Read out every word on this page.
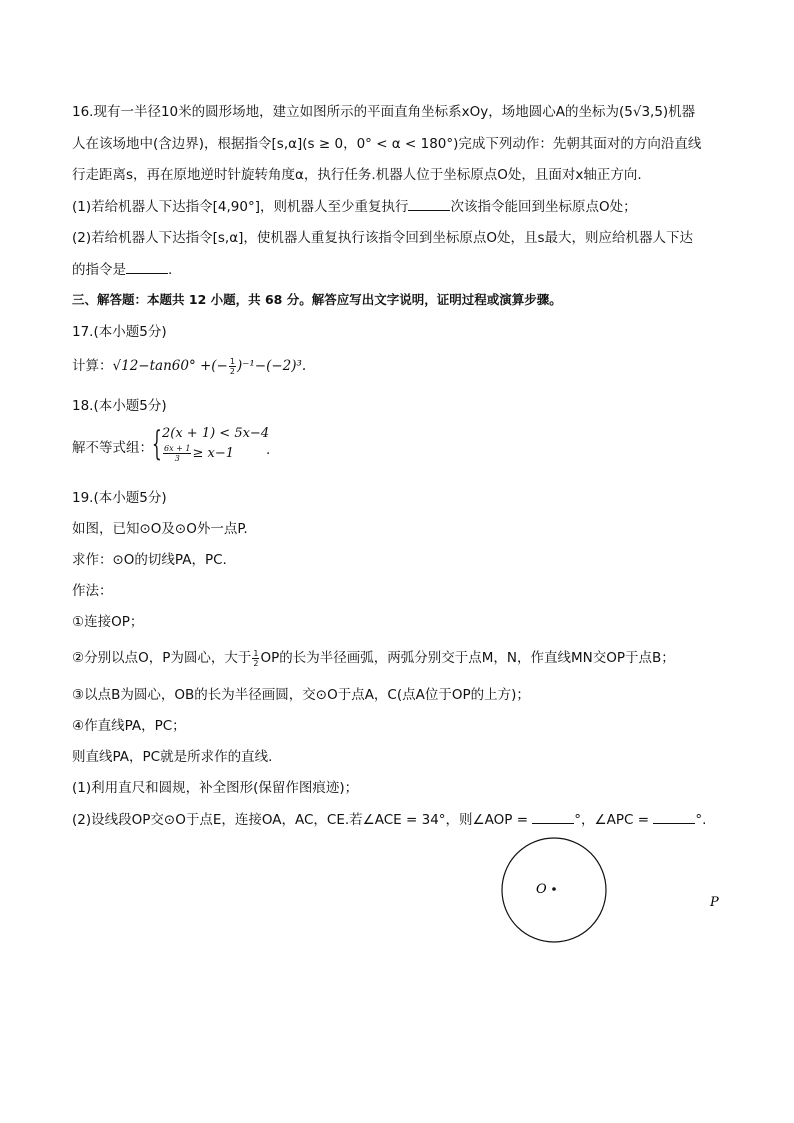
16.现有一半径10米的圆形场地，建立如图所示的平面直角坐标系xOy，场地圆心A的坐标为(5√3,5)机器
人在该场地中(含边界)，根据指令[s,α](s ≥ 0，0° < α < 180°)完成下列动作：先朝其面对的方向沿直线
行走距离s，再在原地逆时针旋转角度α，执行任务.机器人位于坐标原点O处，且面对x轴正方向.
(1)若给机器人下达指令[4,90°]，则机器人至少重复执行	次该指令能回到坐标原点O处；
(2)若给机器人下达指令[s,α]，使机器人重复执行该指令回到坐标原点O处，且s最大，则应给机器人下达
的指令是	.
三、解答题：本题共 12 小题，共 68 分。解答应写出文字说明，证明过程或演算步骤。
17.(本小题5分)
计算：√12−tan60° +(− $\frac{1}{2} )^{-1}-(-2)^3$.
18.(本小题5分)
解不等式组： { 2(x + 1) < 5x−4
$\frac{6x + 1}{3} \ge x-1$ .
19.(本小题5分)
如图，已知⊙O及⊙O外一点P.
求作：⊙O的切线PA，PC.
作法：
①连接OP；
②分别以点O，P为圆心，大于 $\frac{1}{2}$ OP的长为半径画弧，两弧分别交于点M，N，作直线MN交OP于点B；
③以点B为圆心，OB的长为半径画圆，交⊙O于点A，C(点A位于OP的上方)；
④作直线PA，PC；
则直线PA，PC就是所求作的直线.
(1)利用直尺和圆规，补全图形(保留作图痕迹)；
(2)设线段OP交⊙O于点E，连接OA，AC，CE.若∠ACE = 34°，则∠AOP =	°，∠APC =	°.
O
P
